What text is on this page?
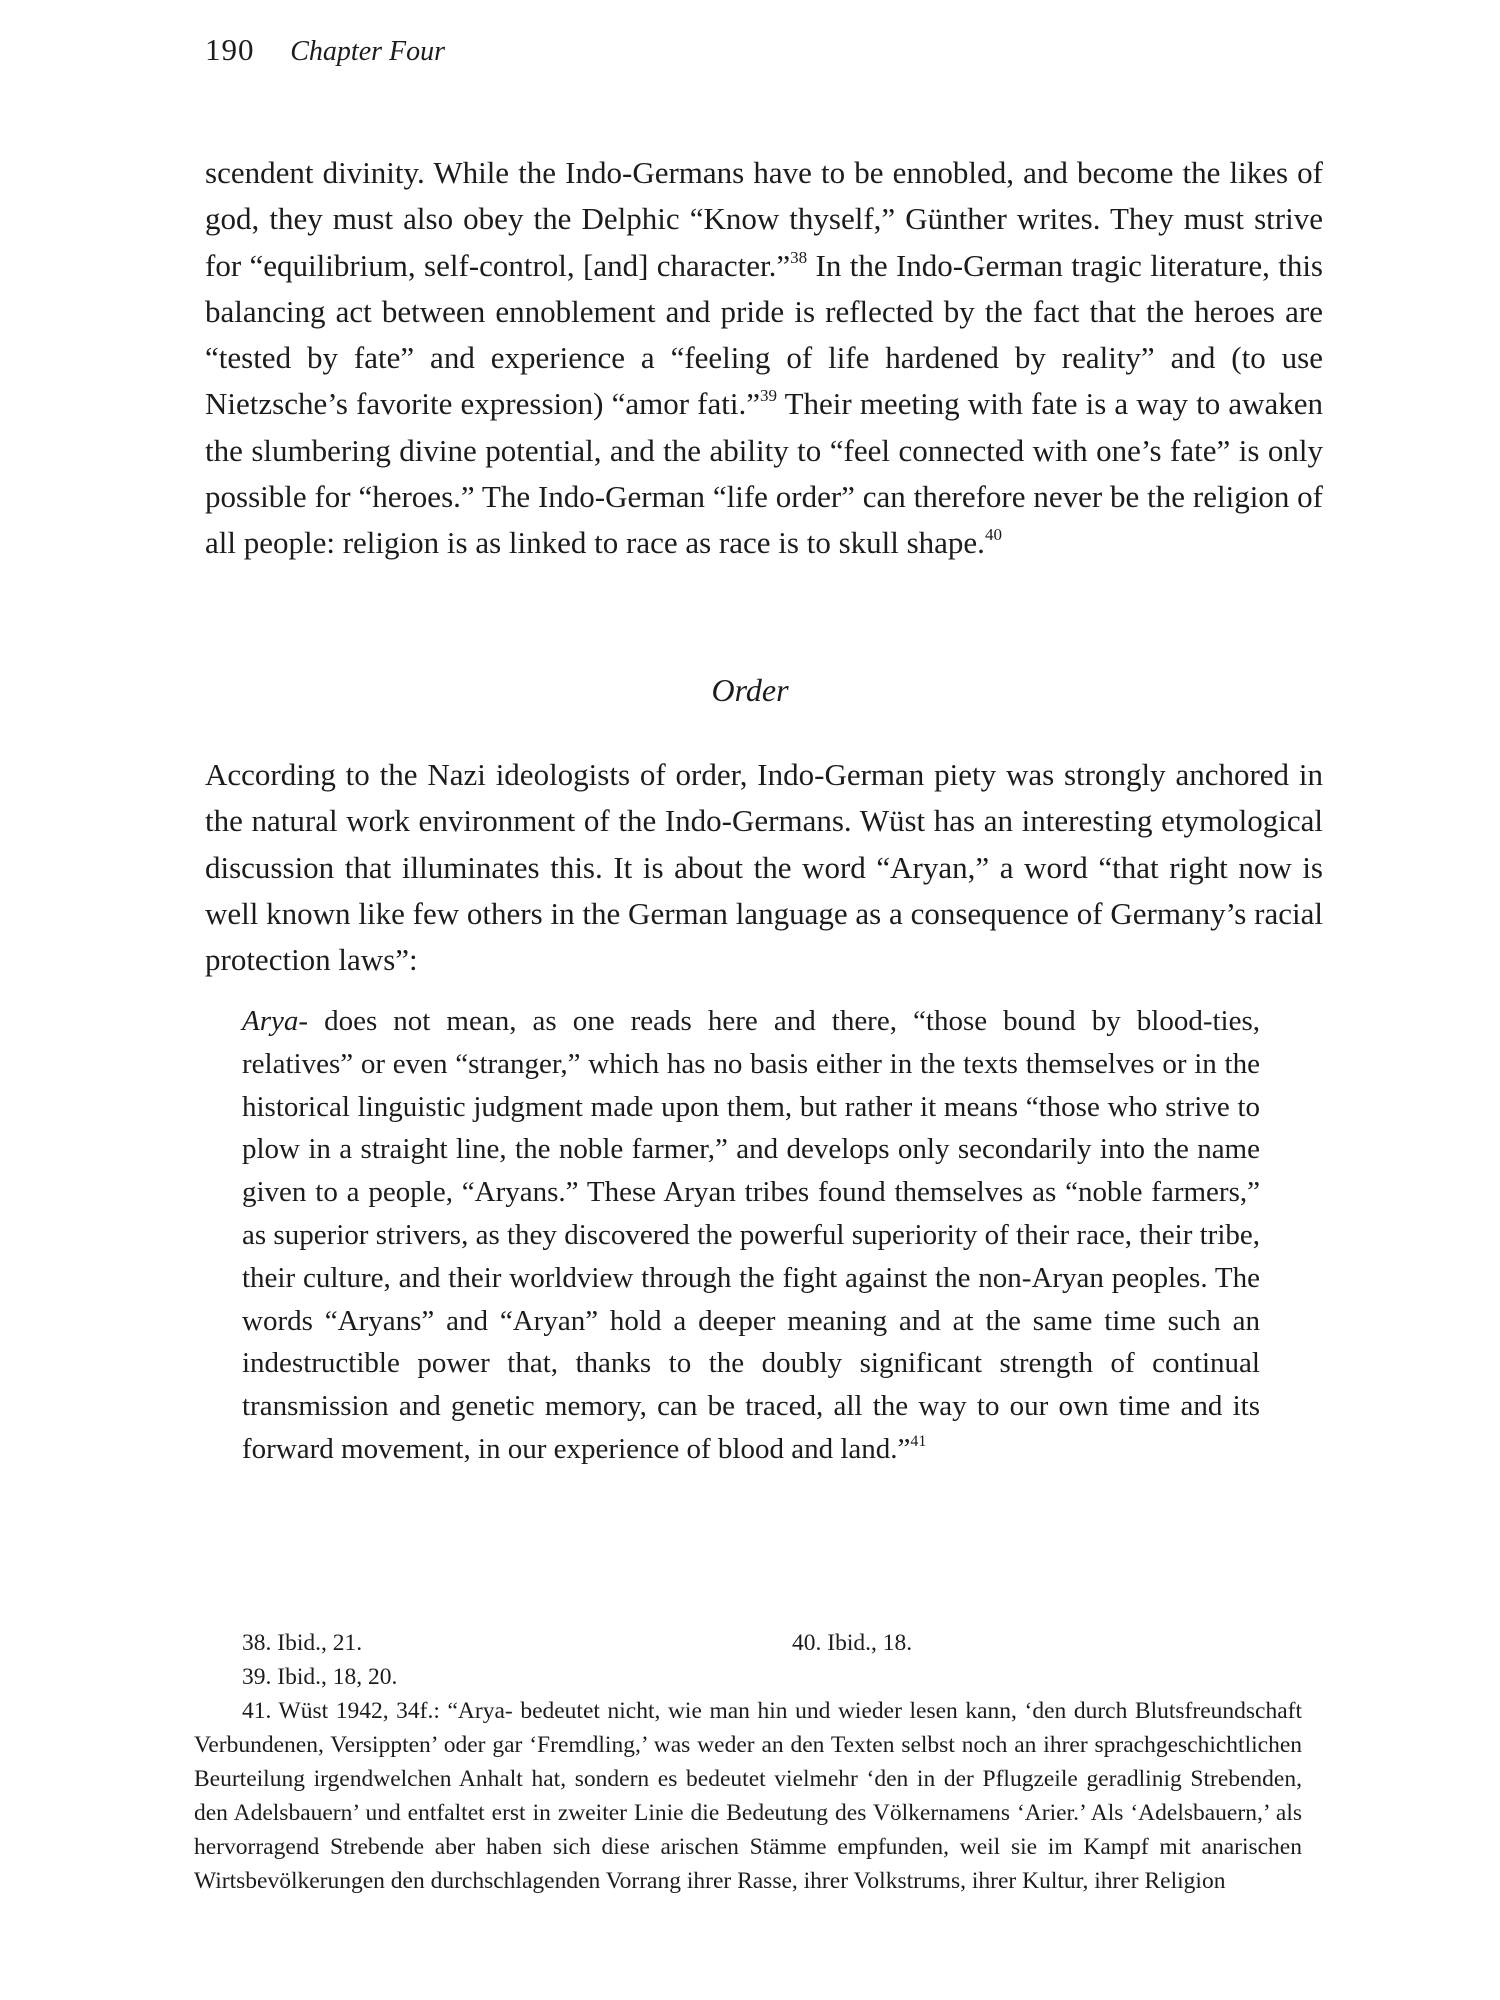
190 Chapter Four

scendent divinity. While the Indo-Germans have to be ennobled, and become the likes of god, they must also obey the Delphic “Know thyself,” Günther writes. They must strive for “equilibrium, self-control, [and] character.”$^{38}$ In the Indo-German tragic literature, this balancing act between ennoblement and pride is reflected by the fact that the heroes are “tested by fate” and experience a “feeling of life hardened by reality” and (to use Nietzsche’s favorite expression) “amor fati.”$^{39}$ Their meeting with fate is a way to awaken the slumbering divine potential, and the ability to “feel connected with one’s fate” is only possible for “heroes.” The Indo-German “life order” can therefore never be the religion of all people: religion is as linked to race as race is to skull shape.$^{40}$

Order

According to the Nazi ideologists of order, Indo-German piety was strongly anchored in the natural work environment of the Indo-Germans. Wüst has an interesting etymological discussion that illuminates this. It is about the word “Aryan,” a word “that right now is well known like few others in the German language as a consequence of Germany’s racial protection laws”:

Arya- does not mean, as one reads here and there, “those bound by blood-ties, relatives” or even “stranger,” which has no basis either in the texts themselves or in the historical linguistic judgment made upon them, but rather it means “those who strive to plow in a straight line, the noble farmer,” and develops only secondarily into the name given to a people, “Aryans.” These Aryan tribes found themselves as “noble farmers,” as superior strivers, as they discovered the powerful superiority of their race, their tribe, their culture, and their worldview through the fight against the non-Aryan peoples. The words “Aryans” and “Aryan” hold a deeper meaning and at the same time such an indestructible power that, thanks to the doubly significant strength of continual transmission and genetic memory, can be traced, all the way to our own time and its forward movement, in our experience of blood and land.”$^{41}$

38. Ibid., 21.	40. Ibid., 18.

39. Ibid., 18, 20.

41. Wüst 1942, 34f.: “Arya- bedeutet nicht, wie man hin und wieder lesen kann, ‘den durch Blutsfreundschaft Verbundenen, Versippten’ oder gar ‘Fremdling,’ was weder an den Texten selbst noch an ihrer sprachgeschichtlichen Beurteilung irgendwelchen Anhalt hat, sondern es bedeutet vielmehr ‘den in der Pflugzeile geradlinig Strebenden, den Adelsbauern’ und entfaltet erst in zweiter Linie die Bedeutung des Völkernamens ‘Arier.’ Als ‘Adelsbauern,’ als hervorragend Strebende aber haben sich diese arischen Stämme empfunden, weil sie im Kampf mit anarischen Wirtsbevölkerungen den durchschlagenden Vorrang ihrer Rasse, ihrer Volkstrums, ihrer Kultur, ihrer Religion
